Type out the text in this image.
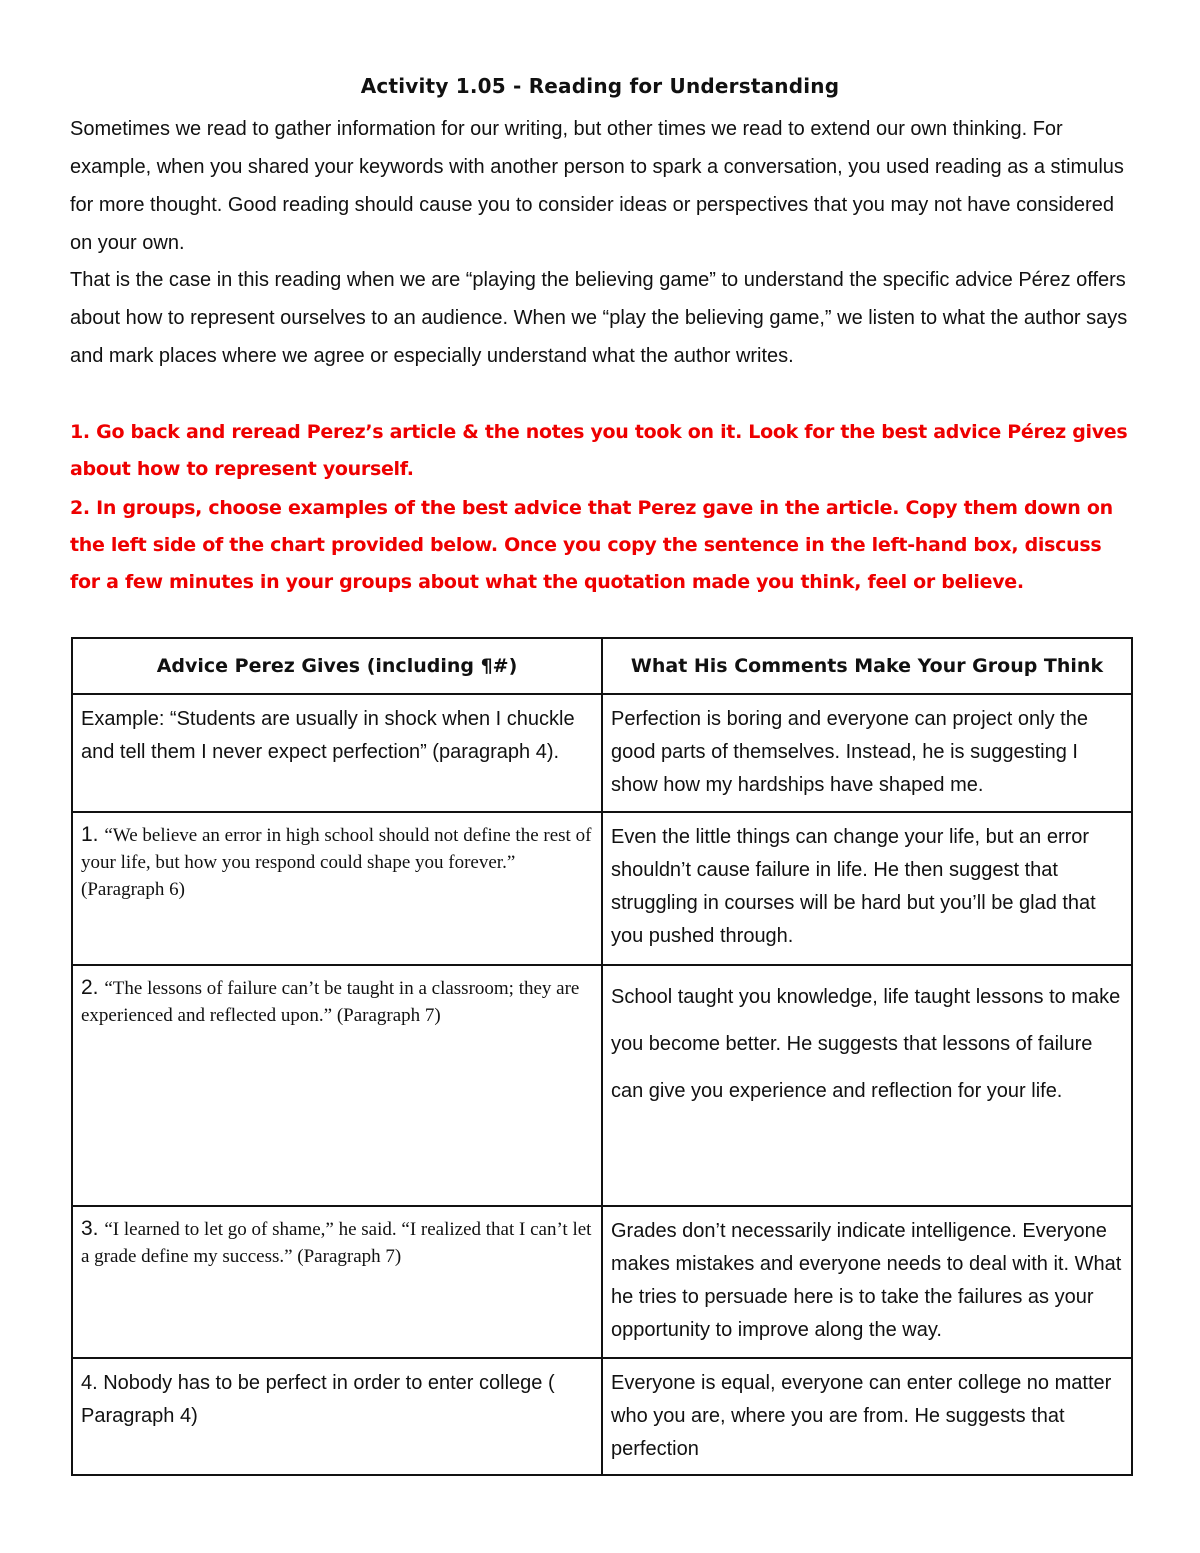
Activity 1.05 - Reading for Understanding

Sometimes we read to gather information for our writing, but other times we read to extend our own thinking. For example, when you shared your keywords with another person to spark a conversation, you used reading as a stimulus for more thought. Good reading should cause you to consider ideas or perspectives that you may not have considered on your own.

That is the case in this reading when we are “playing the believing game” to understand the specific advice Pérez offers about how to represent ourselves to an audience. When we “play the believing game,” we listen to what the author says and mark places where we agree or especially understand what the author writes.

1. Go back and reread Perez’s article & the notes you took on it. Look for the best advice Pérez gives about how to represent yourself.

2. In groups, choose examples of the best advice that Perez gave in the article. Copy them down on the left side of the chart provided below. Once you copy the sentence in the left-hand box, discuss for a few minutes in your groups about what the quotation made you think, feel or believe.

Advice Perez Gives (including ¶#)	What His Comments Make Your Group Think
Example: “Students are usually in shock when I chuckle and tell them I never expect perfection” (paragraph 4).	Perfection is boring and everyone can project only the good parts of themselves. Instead, he is suggesting I show how my hardships have shaped me.
1. “We believe an error in high school should not define the rest of your life, but how you respond could shape you forever.” (Paragraph 6)	Even the little things can change your life, but an error shouldn’t cause failure in life. He then suggest that struggling in courses will be hard but you’ll be glad that you pushed through.
2. “The lessons of failure can’t be taught in a classroom; they are experienced and reflected upon.” (Paragraph 7)	School taught you knowledge, life taught lessons to make you become better. He suggests that lessons of failure can give you experience and reflection for your life.
3. “I learned to let go of shame,” he said. “I realized that I can’t let a grade define my success.” (Paragraph 7)	Grades don’t necessarily indicate intelligence. Everyone makes mistakes and everyone needs to deal with it. What he tries to persuade here is to take the failures as your opportunity to improve along the way.
4. Nobody has to be perfect in order to enter college ( Paragraph 4)	Everyone is equal, everyone can enter college no matter who you are, where you are from. He suggests that perfection
